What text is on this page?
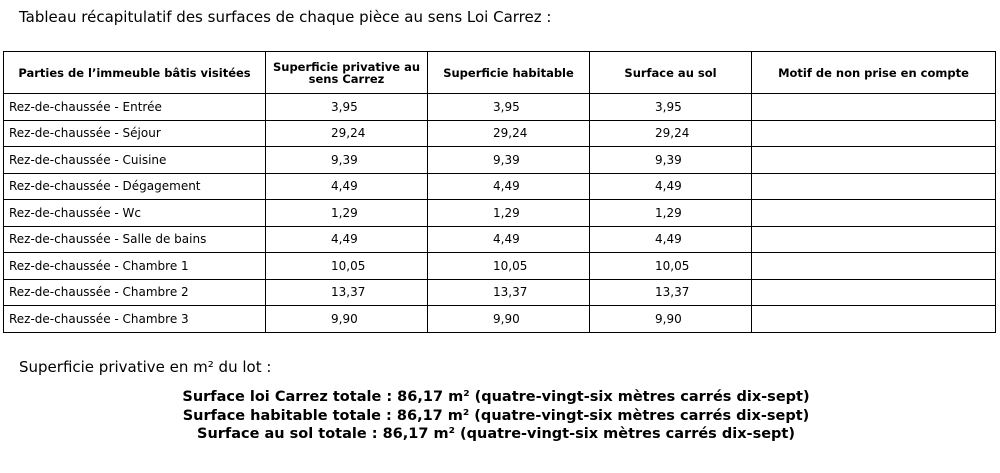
Tableau récapitulatif des surfaces de chaque pièce au sens Loi Carrez :
Parties de l’immeuble bâtis visitées	Superficie privative au sens Carrez	Superficie habitable	Surface au sol	Motif de non prise en compte
Rez-de-chaussée - Entrée	3,95	3,95	3,95	
Rez-de-chaussée - Séjour	29,24	29,24	29,24	
Rez-de-chaussée - Cuisine	9,39	9,39	9,39	
Rez-de-chaussée - Dégagement	4,49	4,49	4,49	
Rez-de-chaussée - Wc	1,29	1,29	1,29	
Rez-de-chaussée - Salle de bains	4,49	4,49	4,49	
Rez-de-chaussée - Chambre 1	10,05	10,05	10,05	
Rez-de-chaussée - Chambre 2	13,37	13,37	13,37	
Rez-de-chaussée - Chambre 3	9,90	9,90	9,90	
Superficie privative en m² du lot :
Surface loi Carrez totale : 86,17 m² (quatre-vingt-six mètres carrés dix-sept)
Surface habitable totale : 86,17 m² (quatre-vingt-six mètres carrés dix-sept)
Surface au sol totale : 86,17 m² (quatre-vingt-six mètres carrés dix-sept)
